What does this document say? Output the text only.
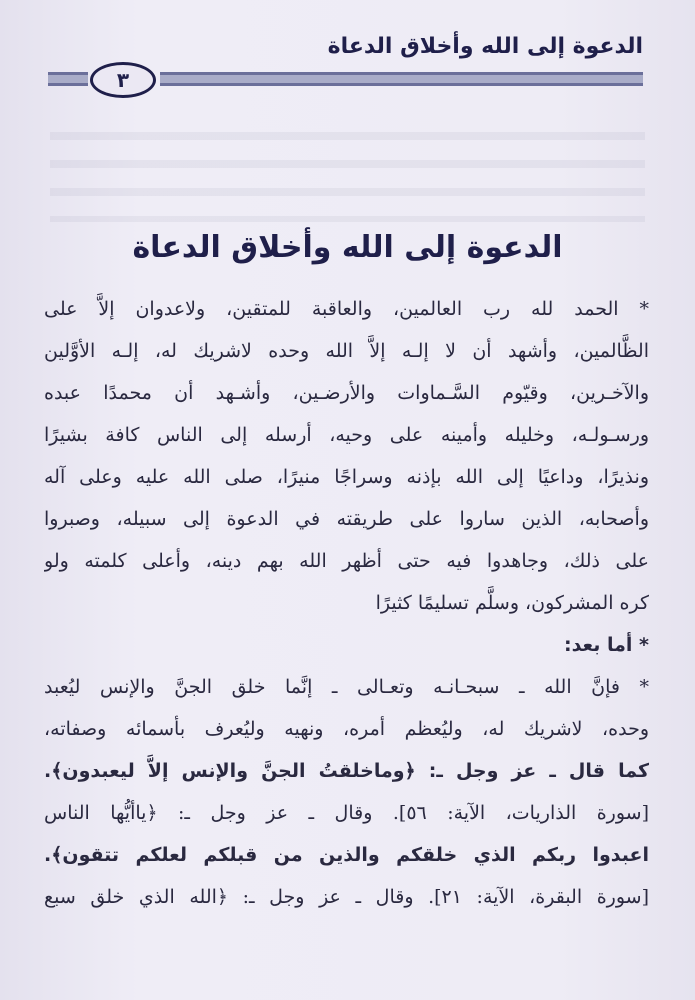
الدعوة إلى الله وأخلاق الدعاة
٣
الدعوة إلى الله وأخلاق الدعاة
* الحمد لله رب العالمين، والعاقبة للمتقين، ولاعدوان إلاَّ على
الظَّالمين، وأشهد أن لا إلـه إلاَّ الله وحده لاشريك له، إلـه الأوَّلين
والآخـرين، وقيّوم السَّـماوات والأرضـين، وأشـهد أن محمدًا عبده
ورسـولـه، وخليله وأمينه على وحيه، أرسله إلى الناس كافة بشيرًا
ونذيرًا، وداعيًا إلى الله بإذنه وسراجًا منيرًا، صلى الله عليه وعلى آله
وأصحابه، الذين ساروا على طريقته في الدعوة إلى سبيله، وصبروا
على ذلك، وجاهدوا فيه حتى أظهر الله بهم دينه، وأعلى كلمته ولو
كره المشركون، وسلَّم تسليمًا كثيرًا
* أما بعد:
* فإنَّ الله ـ سبحـانـه وتعـالى ـ إنَّما خلق الجنَّ والإنس ليُعبد
وحده، لاشريك له، وليُعظم أمره، ونهيه وليُعرف بأسمائه وصفاته،
كما قال ـ عز وجل ـ: ﴿وماخلقتُ الجنَّ والإنس إلاَّ ليعبدون﴾.
[سورة الذاريات، الآية: ٥٦]. وقال ـ عز وجل ـ: ﴿ياأيُّها الناس
اعبدوا ربكم الذي خلقكم والذين من قبلكم لعلكم تتقون﴾.
[سورة البقرة، الآية: ٢١]. وقال ـ عز وجل ـ: ﴿الله الذي خلق سبع
